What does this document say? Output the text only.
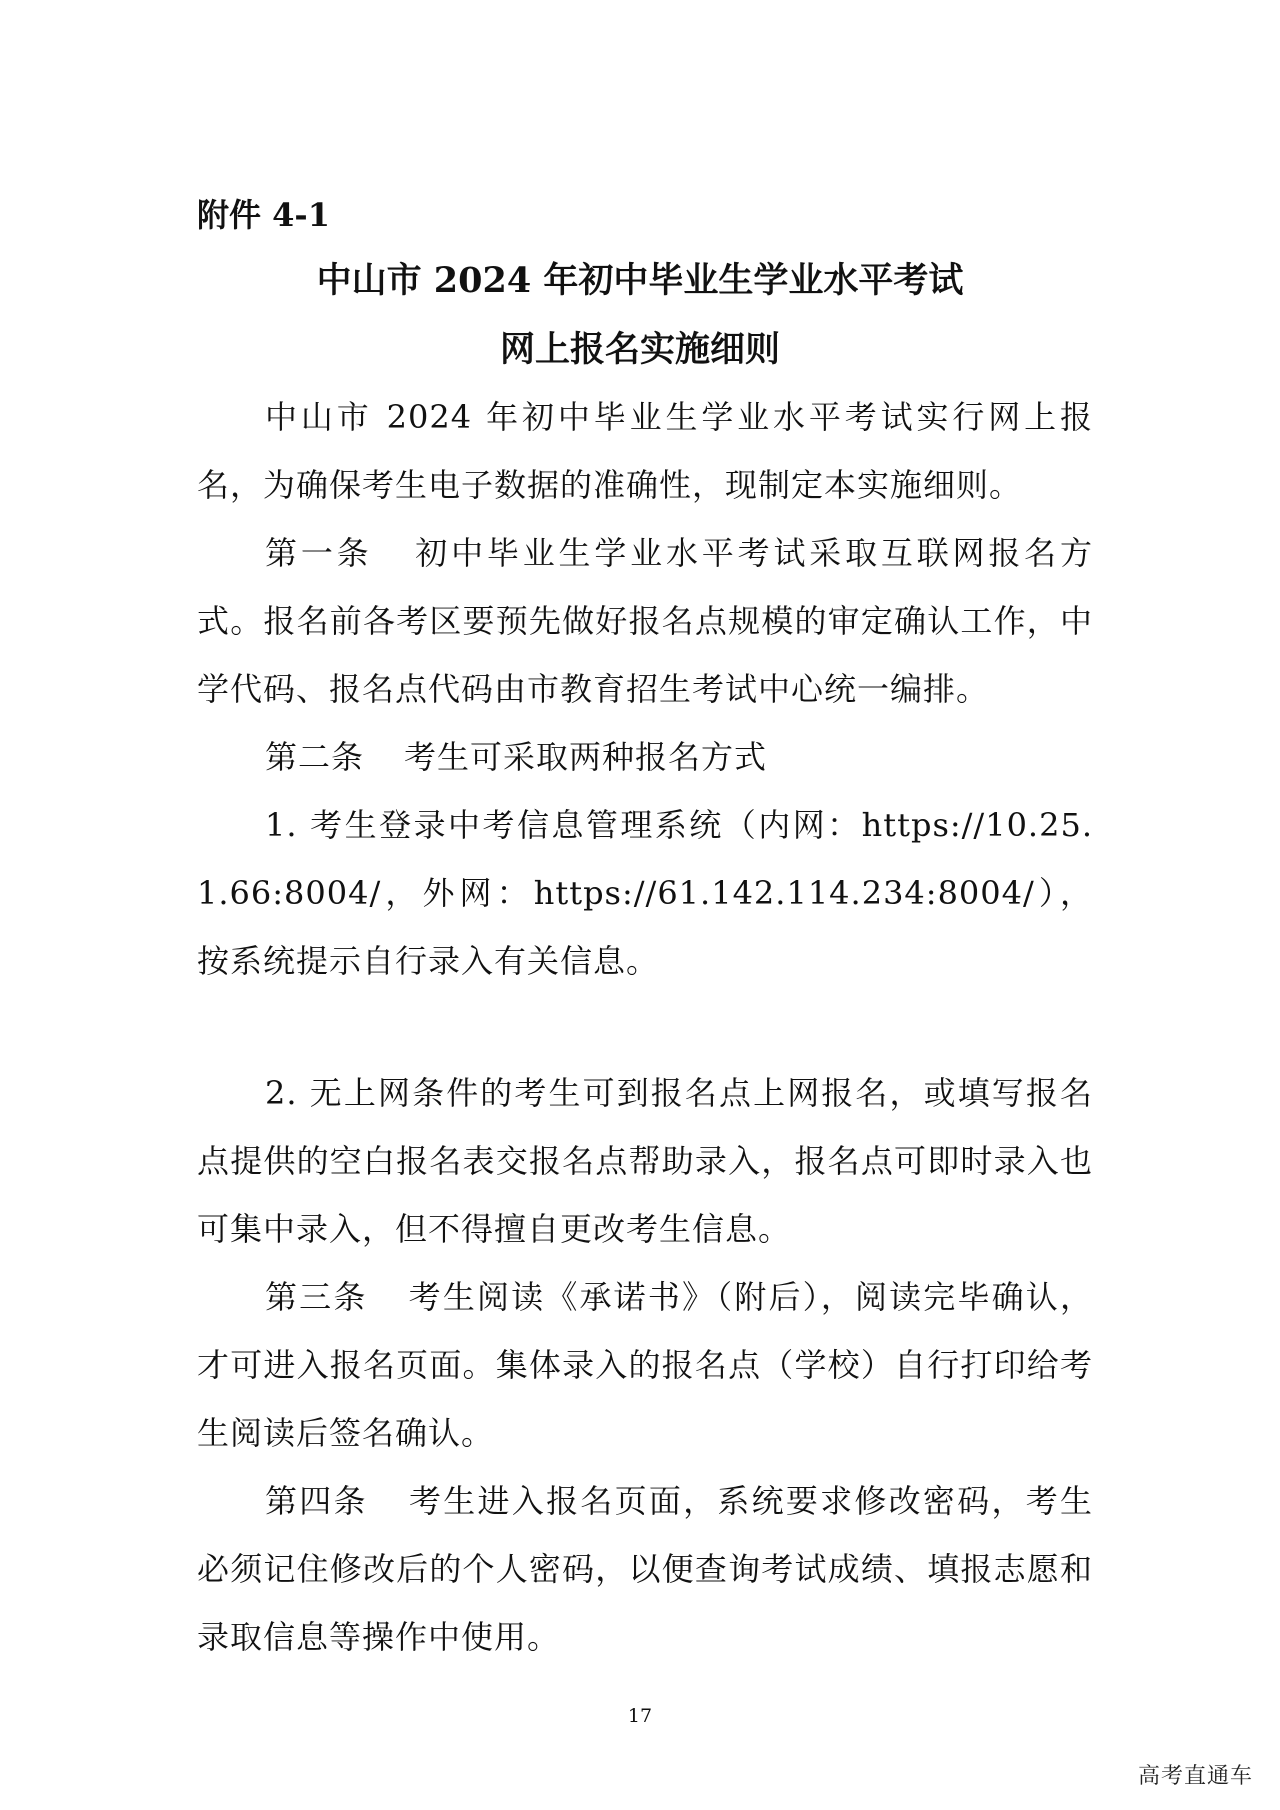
附件 4-1
中山市 2024 年初中毕业生学业水平考试
网上报名实施细则
中山市 2024 年初中毕业生学业水平考试实行网上报名，为确保考生电子数据的准确性，现制定本实施细则。
第一条 初中毕业生学业水平考试采取互联网报名方式。报名前各考区要预先做好报名点规模的审定确认工作，中学代码、报名点代码由市教育招生考试中心统一编排。
第二条 考生可采取两种报名方式
1. 考生登录中考信息管理系统（内网：https://10.25.1.66:8004/，外网：https://61.142.114.234:8004/），按系统提示自行录入有关信息。
2. 无上网条件的考生可到报名点上网报名，或填写报名点提供的空白报名表交报名点帮助录入，报名点可即时录入也可集中录入，但不得擅自更改考生信息。
第三条 考生阅读《承诺书》（附后），阅读完毕确认，才可进入报名页面。集体录入的报名点（学校）自行打印给考生阅读后签名确认。
第四条 考生进入报名页面，系统要求修改密码，考生必须记住修改后的个人密码，以便查询考试成绩、填报志愿和录取信息等操作中使用。
17
高考直通车
